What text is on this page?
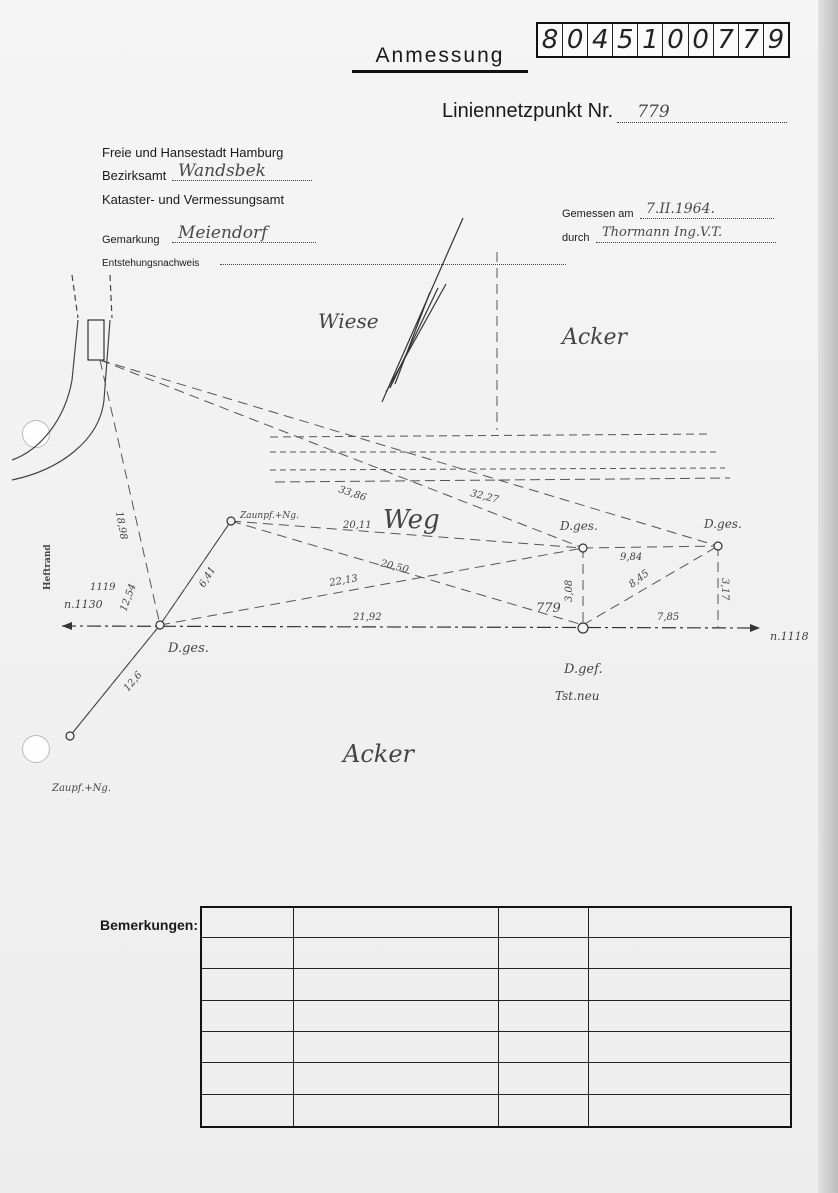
8 0 4 5 1 0 0 7 7 9
Anmessung
Liniennetzpunkt Nr.	779
Freie und Hansestadt Hamburg
Bezirksamt Wandsbek
Kataster- und Vermessungsamt
Gemarkung	Meiendorf
Entstehungsnachweis
Gemessen am 7.II.1964.
durch Thormann Ing.V.T.
Wiese
Acker
Weg
Acker
Heftrand
Zaunpf.+Ng.
D.ges.
D.ges.	D.ges.
D.gef.
Tst.neu
Zaupf.+Ng.
779
n.1118
n.1130
1119
18,98
33,86	32,27
20,11
9,84
20,50
22,13
21,92
12,54
6,41
3,08
8,45	3,17
7,85
12,6
Bemerkungen:
